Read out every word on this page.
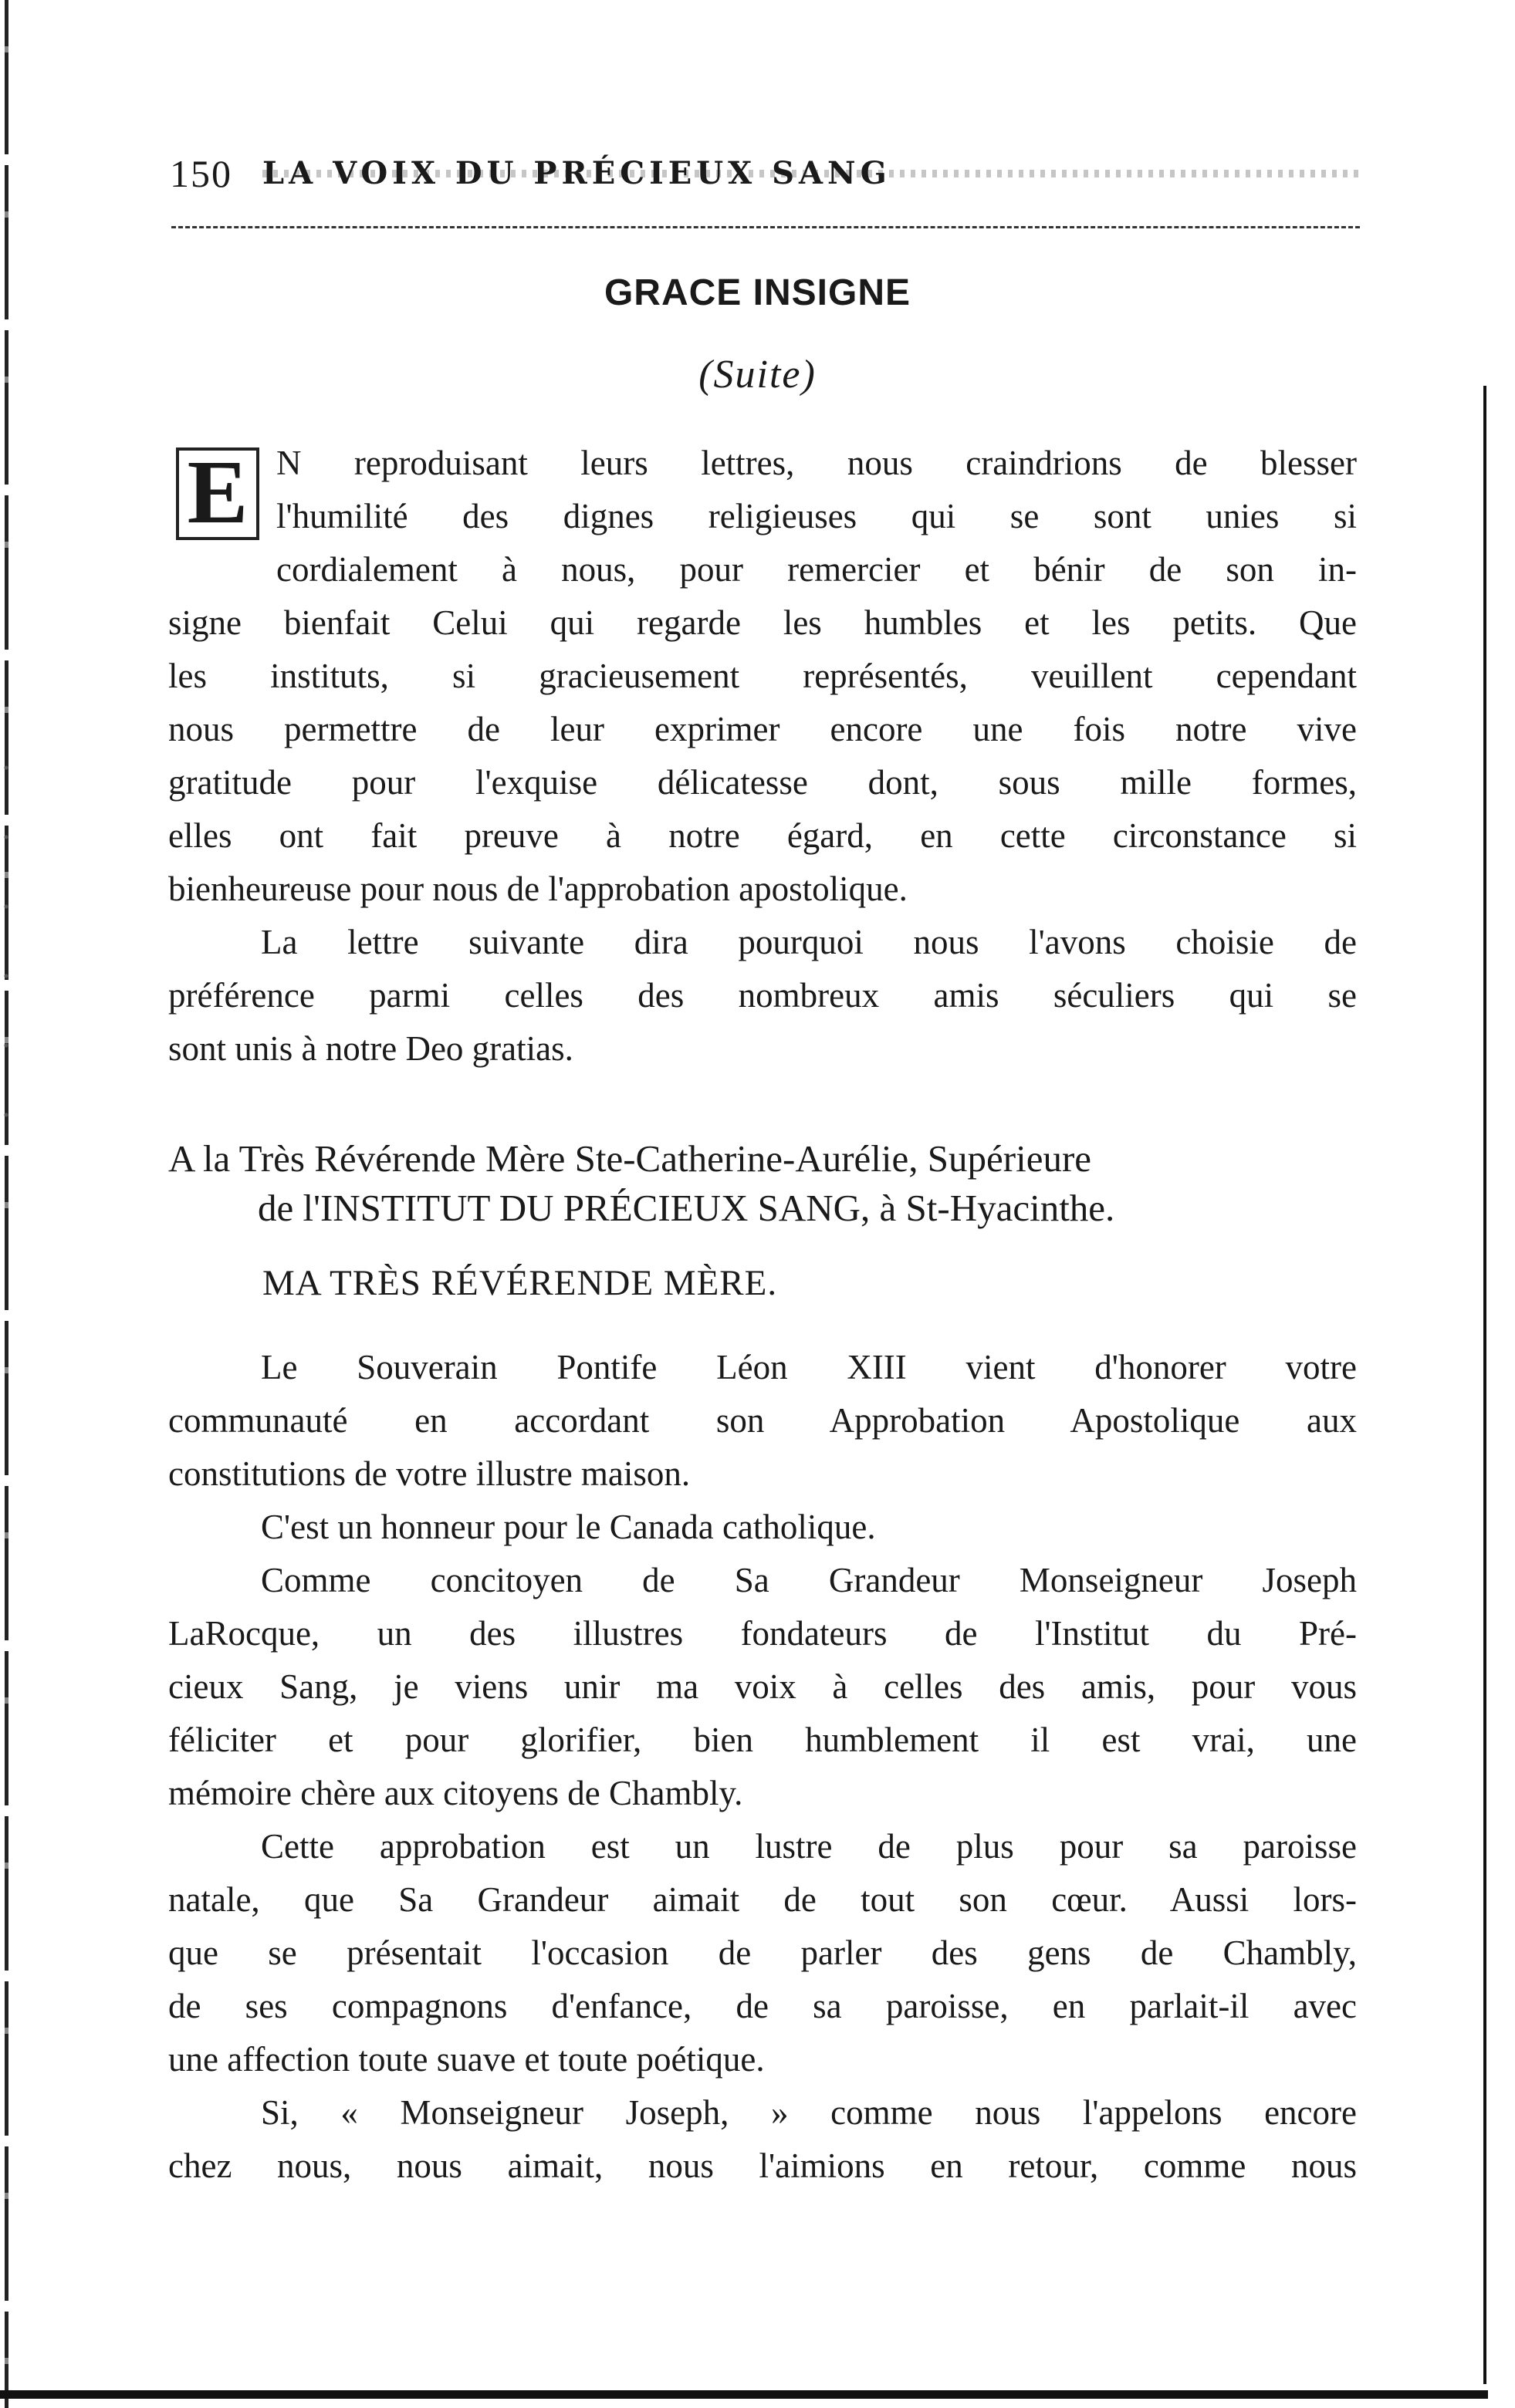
150 LA VOIX DU PRÉCIEUX SANG
GRACE INSIGNE
(Suite)
E N reproduisant leurs lettres, nous craindrions de blesser
l'humilité des dignes religieuses qui se sont unies si
cordialement à nous, pour remercier et bénir de son in-
signe bienfait Celui qui regarde les humbles et les petits. Que
les instituts, si gracieusement représentés, veuillent cependant
nous permettre de leur exprimer encore une fois notre vive
gratitude pour l'exquise délicatesse dont, sous mille formes,
elles ont fait preuve à notre égard, en cette circonstance si
bienheureuse pour nous de l'approbation apostolique.
La lettre suivante dira pourquoi nous l'avons choisie de
préférence parmi celles des nombreux amis séculiers qui se
sont unis à notre Deo gratias.
A la Très Révérende Mère Ste-Catherine-Aurélie, Supérieure
de l'INSTITUT DU PRÉCIEUX SANG, à St-Hyacinthe.
MA TRÈS RÉVÉRENDE MÈRE.
Le Souverain Pontife Léon XIII vient d'honorer votre
communauté en accordant son Approbation Apostolique aux
constitutions de votre illustre maison.
C'est un honneur pour le Canada catholique.
Comme concitoyen de Sa Grandeur Monseigneur Joseph
LaRocque, un des illustres fondateurs de l'Institut du Pré-
cieux Sang, je viens unir ma voix à celles des amis, pour vous
féliciter et pour glorifier, bien humblement il est vrai, une
mémoire chère aux citoyens de Chambly.
Cette approbation est un lustre de plus pour sa paroisse
natale, que Sa Grandeur aimait de tout son cœur. Aussi lors-
que se présentait l'occasion de parler des gens de Chambly,
de ses compagnons d'enfance, de sa paroisse, en parlait-il avec
une affection toute suave et toute poétique.
Si, « Monseigneur Joseph, » comme nous l'appelons encore
chez nous, nous aimait, nous l'aimions en retour, comme nous
